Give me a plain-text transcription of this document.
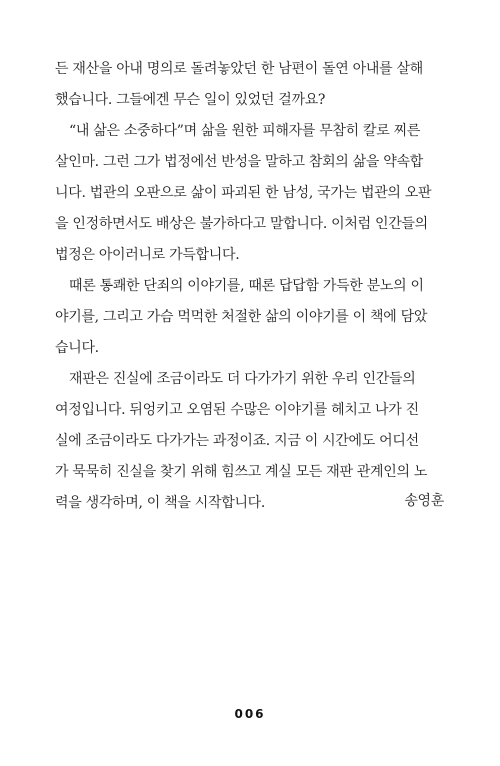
든 재산을 아내 명의로 돌려놓았던 한 남편이 돌연 아내를 살해
했습니다. 그들에겐 무슨 일이 있었던 걸까요?
“내 삶은 소중하다”며 삶을 원한 피해자를 무참히 칼로 찌른
살인마. 그런 그가 법정에선 반성을 말하고 참회의 삶을 약속합
니다. 법관의 오판으로 삶이 파괴된 한 남성, 국가는 법관의 오판
을 인정하면서도 배상은 불가하다고 말합니다. 이처럼 인간들의
법정은 아이러니로 가득합니다.
때론 통쾌한 단죄의 이야기를, 때론 답답함 가득한 분노의 이
야기를, 그리고 가슴 먹먹한 처절한 삶의 이야기를 이 책에 담았
습니다.
재판은 진실에 조금이라도 더 다가가기 위한 우리 인간들의
여정입니다. 뒤엉키고 오염된 수많은 이야기를 헤치고 나가 진
실에 조금이라도 다가가는 과정이죠. 지금 이 시간에도 어디선
가 묵묵히 진실을 찾기 위해 힘쓰고 계실 모든 재판 관계인의 노
력을 생각하며, 이 책을 시작합니다.	송영훈
006
